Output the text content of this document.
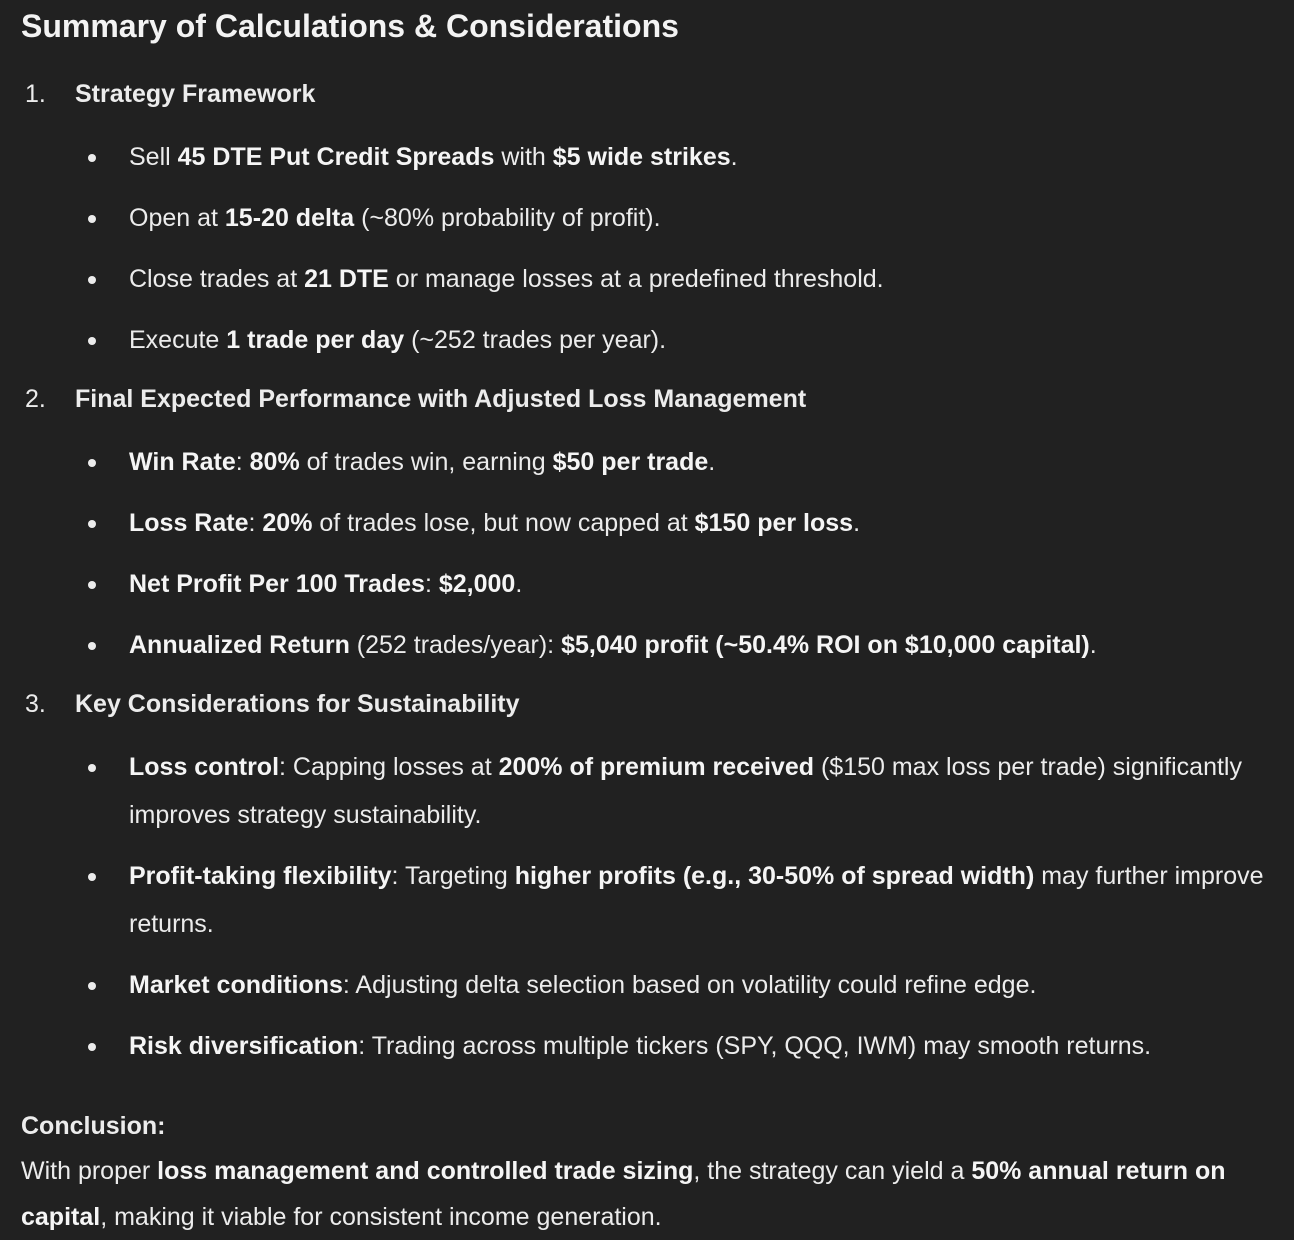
Summary of Calculations & Considerations
1. Strategy Framework
Sell 45 DTE Put Credit Spreads with $5 wide strikes.
Open at 15-20 delta (~80% probability of profit).
Close trades at 21 DTE or manage losses at a predefined threshold.
Execute 1 trade per day (~252 trades per year).
2. Final Expected Performance with Adjusted Loss Management
Win Rate: 80% of trades win, earning $50 per trade.
Loss Rate: 20% of trades lose, but now capped at $150 per loss.
Net Profit Per 100 Trades: $2,000.
Annualized Return (252 trades/year): $5,040 profit (~50.4% ROI on $10,000 capital).
3. Key Considerations for Sustainability
Loss control: Capping losses at 200% of premium received ($150 max loss per trade) significantly improves strategy sustainability.
Profit-taking flexibility: Targeting higher profits (e.g., 30-50% of spread width) may further improve returns.
Market conditions: Adjusting delta selection based on volatility could refine edge.
Risk diversification: Trading across multiple tickers (SPY, QQQ, IWM) may smooth returns.
Conclusion:
With proper loss management and controlled trade sizing, the strategy can yield a 50% annual return on capital, making it viable for consistent income generation.
